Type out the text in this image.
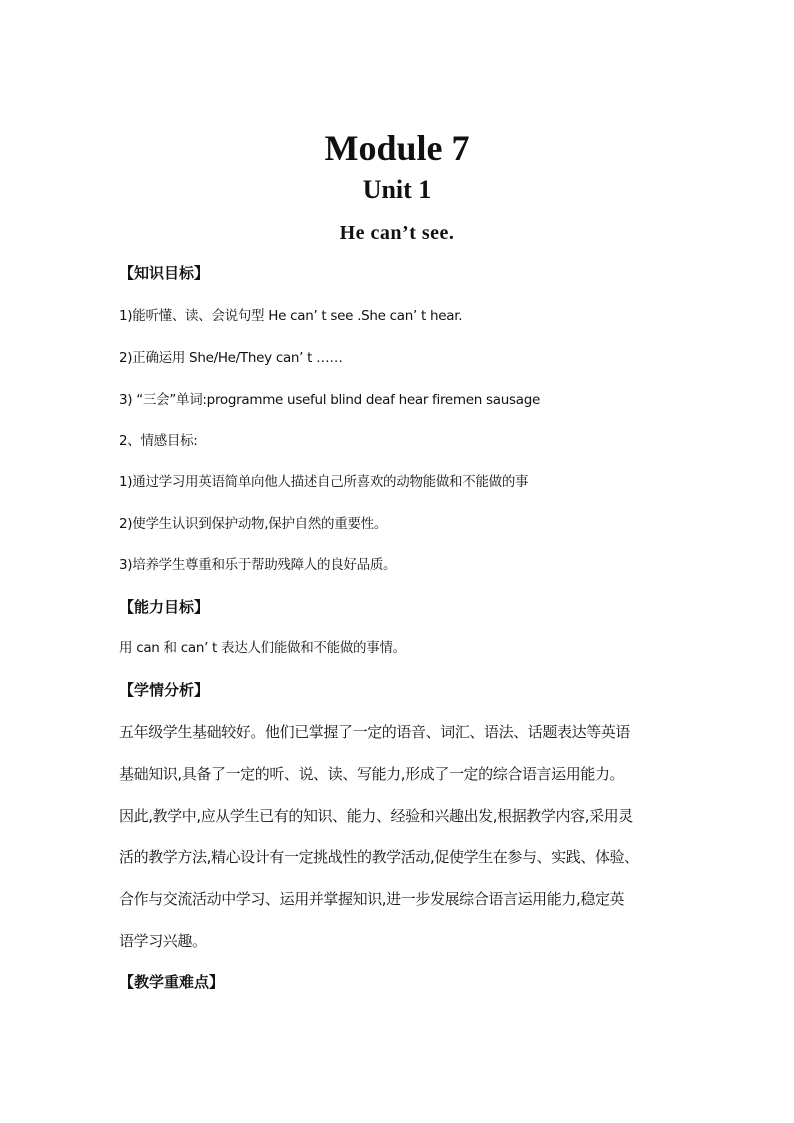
Module 7
Unit 1
He can’t see.

【知识目标】

1)能听懂、读、会说句型 He can’ t see .She can’ t hear.

2)正确运用 She/He/They can’ t ……

3) “三会”单词:programme useful blind deaf hear firemen sausage

2、情感目标:

1)通过学习用英语简单向他人描述自己所喜欢的动物能做和不能做的事

2)使学生认识到保护动物,保护自然的重要性。

3)培养学生尊重和乐于帮助残障人的良好品质。

【能力目标】

用 can 和 can’ t 表达人们能做和不能做的事情。

【学情分析】

五年级学生基础较好。他们已掌握了一定的语音、词汇、语法、话题表达等英语

基础知识,具备了一定的听、说、读、写能力,形成了一定的综合语言运用能力。

因此,教学中,应从学生已有的知识、能力、经验和兴趣出发,根据教学内容,采用灵

活的教学方法,精心设计有一定挑战性的教学活动,促使学生在参与、实践、体验、

合作与交流活动中学习、运用并掌握知识,进一步发展综合语言运用能力,稳定英

语学习兴趣。

【教学重难点】
